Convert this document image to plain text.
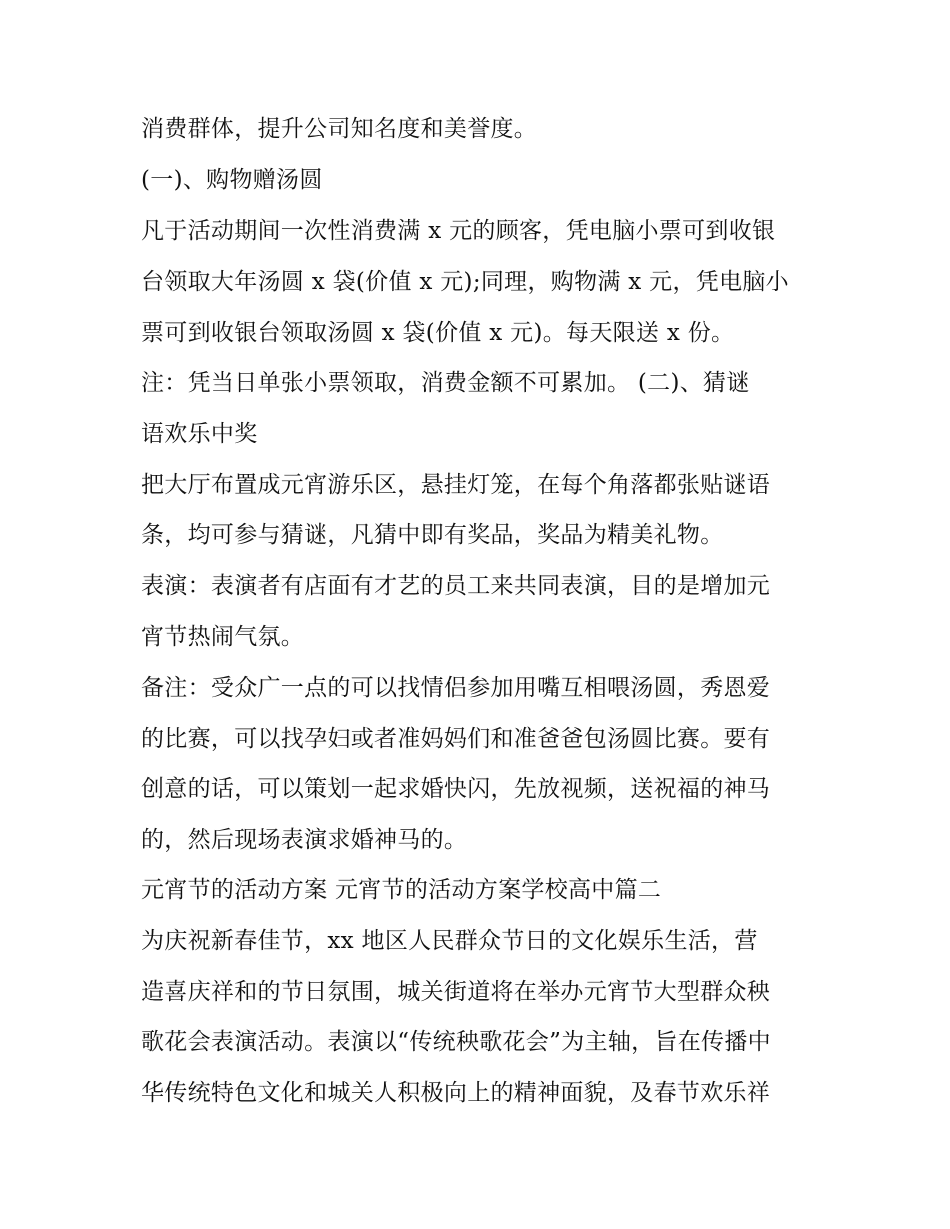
消费群体，提升公司知名度和美誉度。
(一)、购物赠汤圆
凡于活动期间一次性消费满 x 元的顾客，凭电脑小票可到收银
台领取大年汤圆 x 袋(价值 x 元);同理，购物满 x 元，凭电脑小
票可到收银台领取汤圆 x 袋(价值 x 元)。每天限送 x 份。
注：凭当日单张小票领取，消费金额不可累加。 (二)、猜谜
语欢乐中奖
把大厅布置成元宵游乐区，悬挂灯笼，在每个角落都张贴谜语
条，均可参与猜谜，凡猜中即有奖品，奖品为精美礼物。
表演：表演者有店面有才艺的员工来共同表演，目的是增加元
宵节热闹气氛。
备注：受众广一点的可以找情侣参加用嘴互相喂汤圆，秀恩爱
的比赛，可以找孕妇或者准妈妈们和准爸爸包汤圆比赛。要有
创意的话，可以策划一起求婚快闪，先放视频，送祝福的神马
的，然后现场表演求婚神马的。
元宵节的活动方案 元宵节的活动方案学校高中篇二
为庆祝新春佳节，xx 地区人民群众节日的文化娱乐生活，营
造喜庆祥和的节日氛围，城关街道将在举办元宵节大型群众秧
歌花会表演活动。表演以“传统秧歌花会”为主轴，旨在传播中
华传统特色文化和城关人积极向上的精神面貌，及春节欢乐祥
